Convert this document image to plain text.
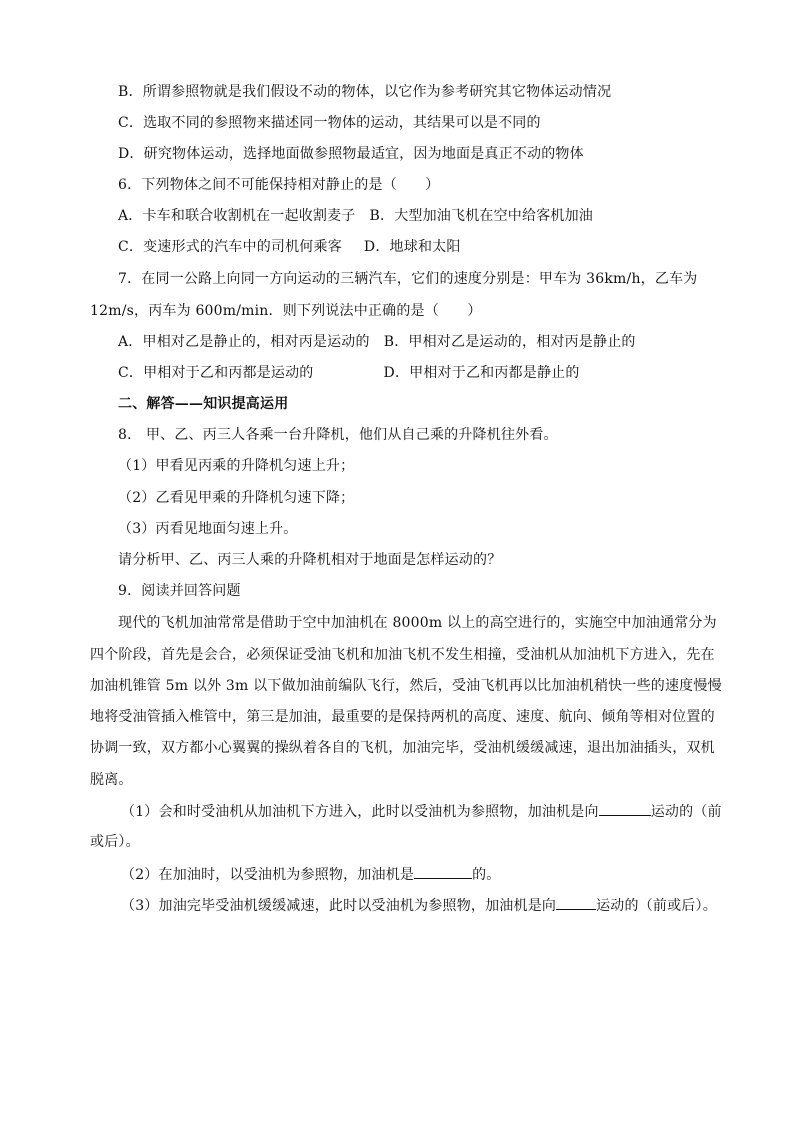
B．所谓参照物就是我们假设不动的物体，以它作为参考研究其它物体运动情况
C．选取不同的参照物来描述同一物体的运动，其结果可以是不同的
D．研究物体运动，选择地面做参照物最适宜，因为地面是真正不动的物体
6．下列物体之间不可能保持相对静止的是（　　）
A．卡车和联合收割机在一起收割麦子 B．大型加油飞机在空中给客机加油
C．变速形式的汽车中的司机何乘客 D．地球和太阳
7．在同一公路上向同一方向运动的三辆汽车，它们的速度分别是：甲车为 36km/h，乙车为
12m/s，丙车为 600m/min．则下列说法中正确的是（　　）
A．甲相对乙是静止的，相对丙是运动的 B．甲相对乙是运动的，相对丙是静止的
C．甲相对于乙和丙都是运动的	D．甲相对于乙和丙都是静止的
二、解答——知识提高运用
8． 甲、乙、丙三人各乘一台升降机，他们从自己乘的升降机往外看。
（1）甲看见丙乘的升降机匀速上升；
（2）乙看见甲乘的升降机匀速下降；
（3）丙看见地面匀速上升。
请分析甲、乙、丙三人乘的升降机相对于地面是怎样运动的？
9．阅读并回答问题
现代的飞机加油常常是借助于空中加油机在 8000m 以上的高空进行的，实施空中加油通常分为
四个阶段，首先是会合，必须保证受油飞机和加油飞机不发生相撞，受油机从加油机下方进入，先在
加油机锥管 5m 以外 3m 以下做加油前编队飞行，然后，受油飞机再以比加油机稍快一些的速度慢慢
地将受油管插入椎管中，第三是加油，最重要的是保持两机的高度、速度、航向、倾角等相对位置的
协调一致，双方都小心翼翼的操纵着各自的飞机，加油完毕，受油机缓缓减速，退出加油插头，双机
脱离。
（1）会和时受油机从加油机下方进入，此时以受油机为参照物，加油机是向	运动的（前
或后）。
（2）在加油时，以受油机为参照物，加油机是	的。
（3）加油完毕受油机缓缓减速，此时以受油机为参照物，加油机是向	运动的（前或后）。
